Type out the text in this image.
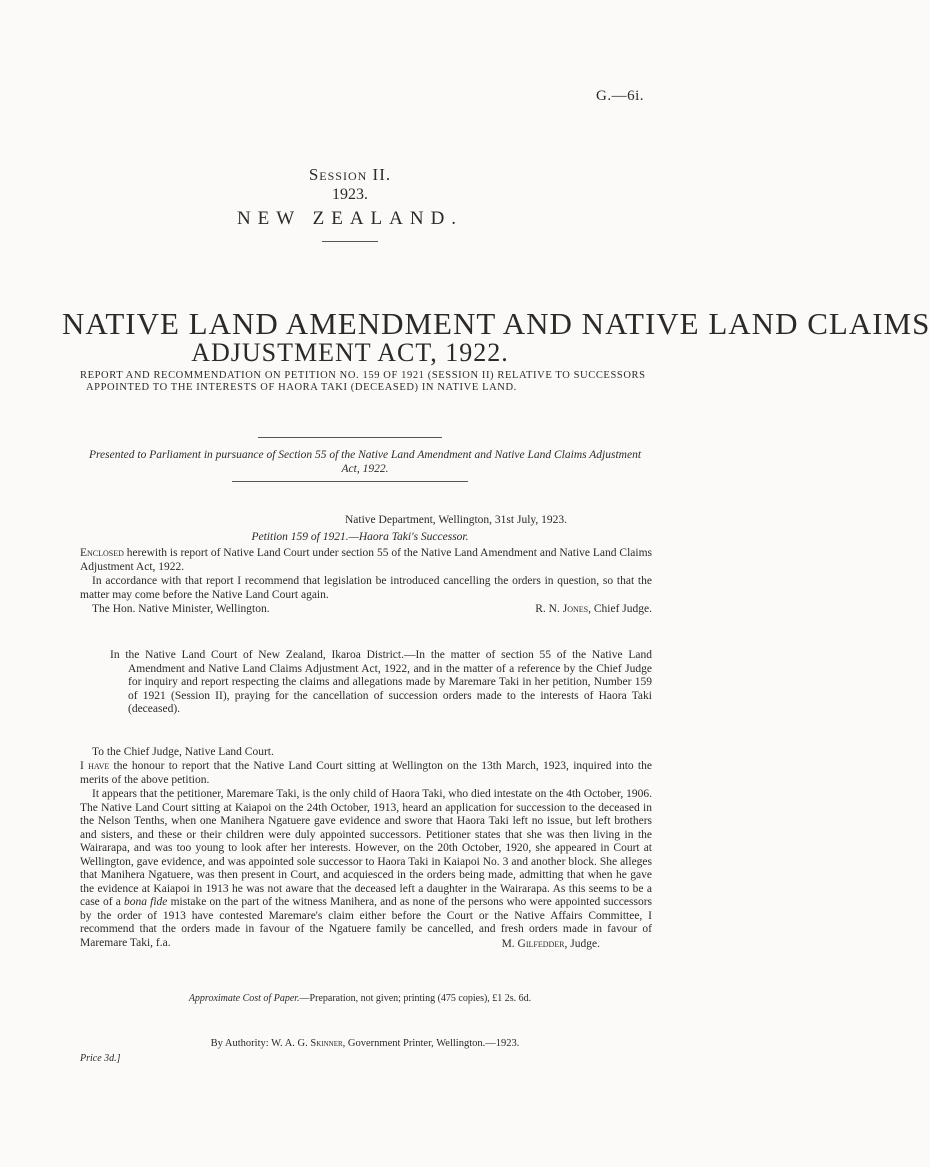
G.—6i.
Session II.
1923.
NEW ZEALAND.
NATIVE LAND AMENDMENT AND NATIVE LAND CLAIMS
ADJUSTMENT ACT, 1922.
REPORT AND RECOMMENDATION ON PETITION NO. 159 OF 1921 (SESSION II) RELATIVE TO SUCCESSORS APPOINTED TO THE INTERESTS OF HAORA TAKI (DECEASED) IN NATIVE LAND.
Presented to Parliament in pursuance of Section 55 of the Native Land Amendment and Native Land Claims Adjustment Act, 1922.
Native Department, Wellington, 31st July, 1923.
Petition 159 of 1921.—Haora Taki's Successor.
Enclosed herewith is report of Native Land Court under section 55 of the Native Land Amendment and Native Land Claims Adjustment Act, 1922.
In accordance with that report I recommend that legislation be introduced cancelling the orders in question, so that the matter may come before the Native Land Court again.
The Hon. Native Minister, Wellington.	R. N. Jones, Chief Judge.
In the Native Land Court of New Zealand, Ikaroa District.—In the matter of section 55 of the Native Land Amendment and Native Land Claims Adjustment Act, 1922, and in the matter of a reference by the Chief Judge for inquiry and report respecting the claims and allegations made by Maremare Taki in her petition, Number 159 of 1921 (Session II), praying for the cancellation of succession orders made to the interests of Haora Taki (deceased).
To the Chief Judge, Native Land Court.
I have the honour to report that the Native Land Court sitting at Wellington on the 13th March, 1923, inquired into the merits of the above petition.
It appears that the petitioner, Maremare Taki, is the only child of Haora Taki, who died intestate on the 4th October, 1906. The Native Land Court sitting at Kaiapoi on the 24th October, 1913, heard an application for succession to the deceased in the Nelson Tenths, when one Manihera Ngatuere gave evidence and swore that Haora Taki left no issue, but left brothers and sisters, and these or their children were duly appointed successors. Petitioner states that she was then living in the Wairarapa, and was too young to look after her interests. However, on the 20th October, 1920, she appeared in Court at Wellington, gave evidence, and was appointed sole successor to Haora Taki in Kaiapoi No. 3 and another block. She alleges that Manihera Ngatuere, was then present in Court, and acquiesced in the orders being made, admitting that when he gave the evidence at Kaiapoi in 1913 he was not aware that the deceased left a daughter in the Wairarapa. As this seems to be a case of a bona fide mistake on the part of the witness Manihera, and as none of the persons who were appointed successors by the order of 1913 have contested Maremare's claim either before the Court or the Native Affairs Committee, I recommend that the orders made in favour of the Ngatuere family be cancelled, and fresh orders made in favour of Maremare Taki, f.a.	M. Gilfedder, Judge.
Approximate Cost of Paper.—Preparation, not given; printing (475 copies), £1 2s. 6d.
By Authority: W. A. G. Skinner, Government Printer, Wellington.—1923.
Price 3d.]
